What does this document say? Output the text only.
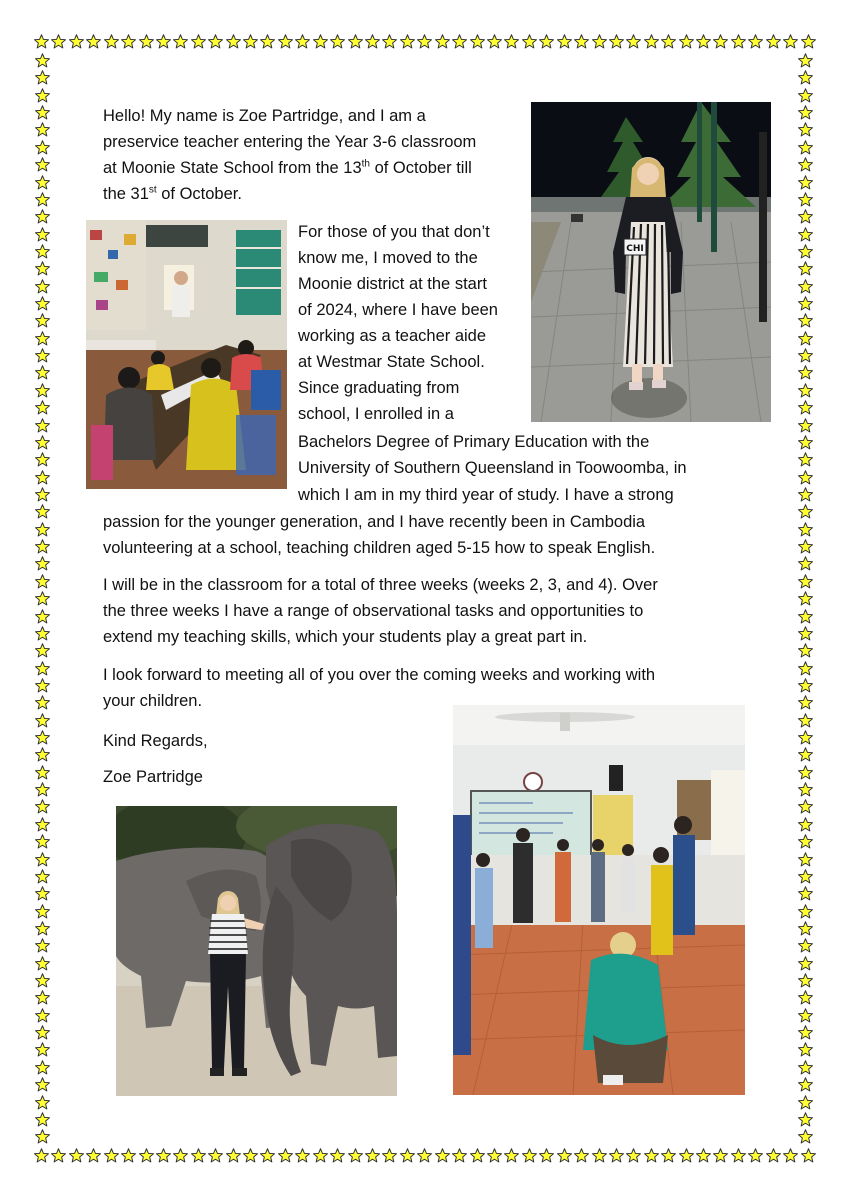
CHI

Hello! My name is Zoe Partridge, and I am a

preservice teacher entering the Year 3-6 classroom

at Moonie State School from the 13th of October till

the 31st of October.

For those of you that don’t

know me, I moved to the

Moonie district at the start

of 2024, where I have been

working as a teacher aide

at Westmar State School.

Since graduating from

school, I enrolled in a

Bachelors Degree of Primary Education with the

University of Southern Queensland in Toowoomba, in

which I am in my third year of study. I have a strong

passion for the younger generation, and I have recently been in Cambodia

volunteering at a school, teaching children aged 5-15 how to speak English.

I will be in the classroom for a total of three weeks (weeks 2, 3, and 4). Over

the three weeks I have a range of observational tasks and opportunities to

extend my teaching skills, which your students play a great part in.

I look forward to meeting all of you over the coming weeks and working with

your children.

Kind Regards,

Zoe Partridge
